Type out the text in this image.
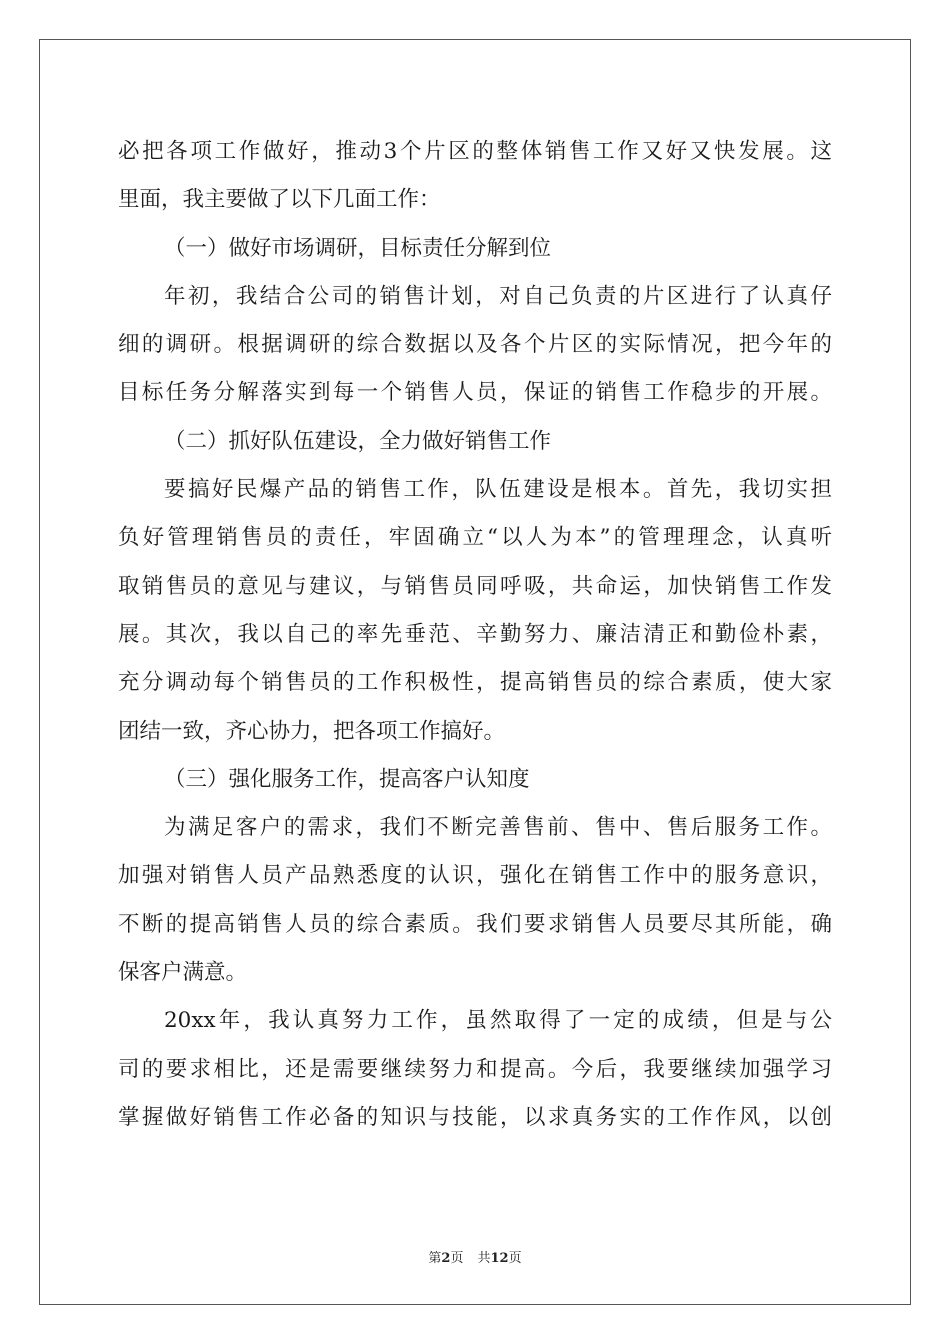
必把各项工作做好，推动3个片区的整体销售工作又好又快发展。这
里面，我主要做了以下几面工作：
（一）做好市场调研，目标责任分解到位
年初，我结合公司的销售计划，对自己负责的片区进行了认真仔
细的调研。根据调研的综合数据以及各个片区的实际情况，把今年的
目标任务分解落实到每一个销售人员，保证的销售工作稳步的开展。
（二）抓好队伍建设，全力做好销售工作
要搞好民爆产品的销售工作，队伍建设是根本。首先，我切实担
负好管理销售员的责任，牢固确立“以人为本”的管理理念，认真听
取销售员的意见与建议，与销售员同呼吸，共命运，加快销售工作发
展。其次，我以自己的率先垂范、辛勤努力、廉洁清正和勤俭朴素，
充分调动每个销售员的工作积极性，提高销售员的综合素质，使大家
团结一致，齐心协力，把各项工作搞好。
（三）强化服务工作，提高客户认知度
为满足客户的需求，我们不断完善售前、售中、售后服务工作。
加强对销售人员产品熟悉度的认识，强化在销售工作中的服务意识，
不断的提高销售人员的综合素质。我们要求销售人员要尽其所能，确
保客户满意。
20xx年，我认真努力工作，虽然取得了一定的成绩，但是与公
司的要求相比，还是需要继续努力和提高。今后，我要继续加强学习
掌握做好销售工作必备的知识与技能，以求真务实的工作作风，以创
第2页 共12页
